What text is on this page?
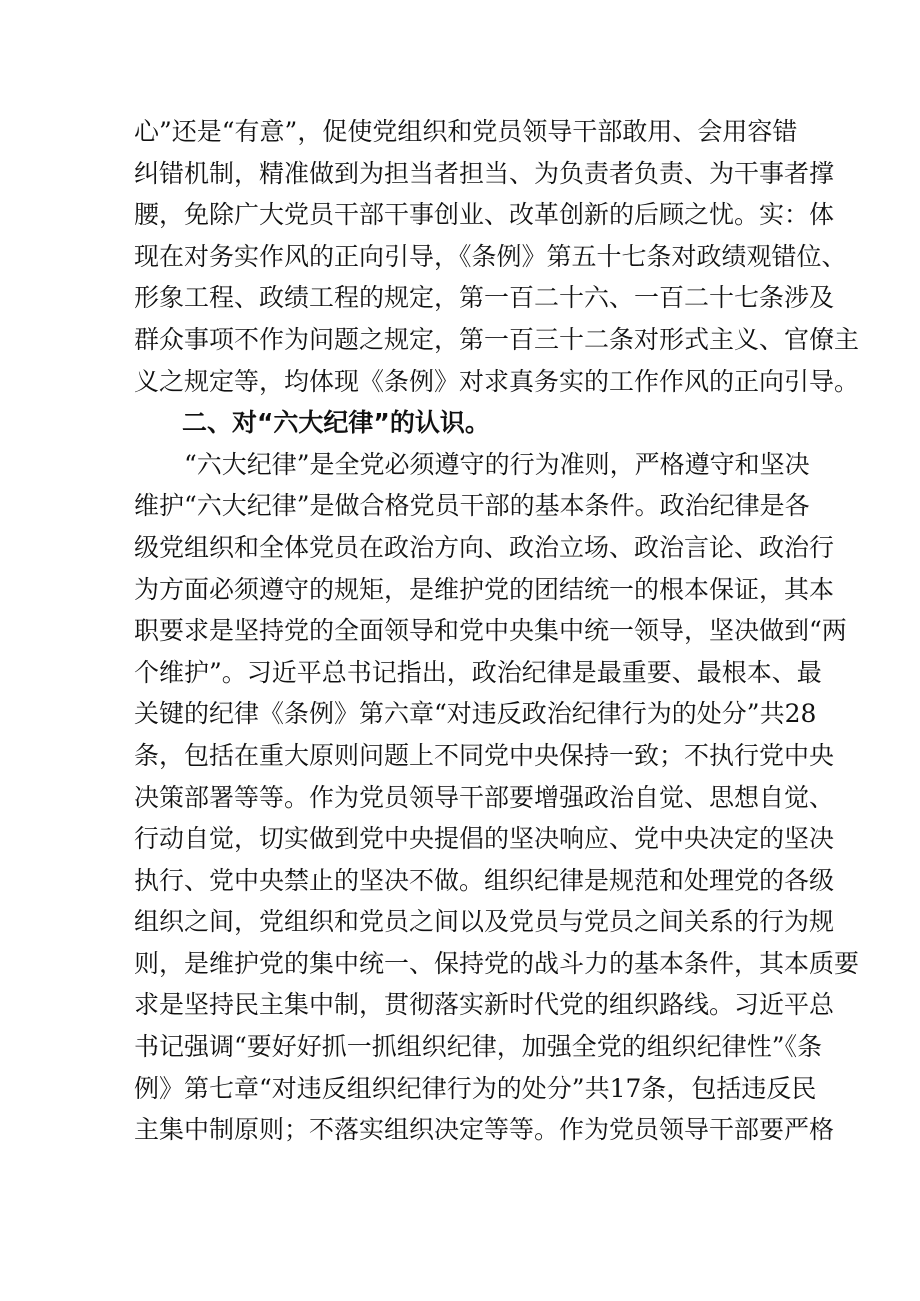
心”还是“有意”，促使党组织和党员领导干部敢用、会用容错
纠错机制，精准做到为担当者担当、为负责者负责、为干事者撑
腰，免除广大党员干部干事创业、改革创新的后顾之忧。实：体
现在对务实作风的正向引导，《条例》第五十七条对政绩观错位、
形象工程、政绩工程的规定，第一百二十六、一百二十七条涉及
群众事项不作为问题之规定，第一百三十二条对形式主义、官僚主
义之规定等，均体现《条例》对求真务实的工作作风的正向引导。
二、对“六大纪律”的认识。
“六大纪律”是全党必须遵守的行为准则，严格遵守和坚决
维护“六大纪律”是做合格党员干部的基本条件。政治纪律是各
级党组织和全体党员在政治方向、政治立场、政治言论、政治行
为方面必须遵守的规矩，是维护党的团结统一的根本保证，其本
职要求是坚持党的全面领导和党中央集中统一领导，坚决做到“两
个维护”。习近平总书记指出，政治纪律是最重要、最根本、最
关键的纪律《条例》第六章“对违反政治纪律行为的处分”共28
条，包括在重大原则问题上不同党中央保持一致；不执行党中央
决策部署等等。作为党员领导干部要增强政治自觉、思想自觉、
行动自觉，切实做到党中央提倡的坚决响应、党中央决定的坚决
执行、党中央禁止的坚决不做。组织纪律是规范和处理党的各级
组织之间，党组织和党员之间以及党员与党员之间关系的行为规
则，是维护党的集中统一、保持党的战斗力的基本条件，其本质要
求是坚持民主集中制，贯彻落实新时代党的组织路线。习近平总
书记强调“要好好抓一抓组织纪律，加强全党的组织纪律性”《条
例》第七章“对违反组织纪律行为的处分”共17条，包括违反民
主集中制原则；不落实组织决定等等。作为党员领导干部要严格
